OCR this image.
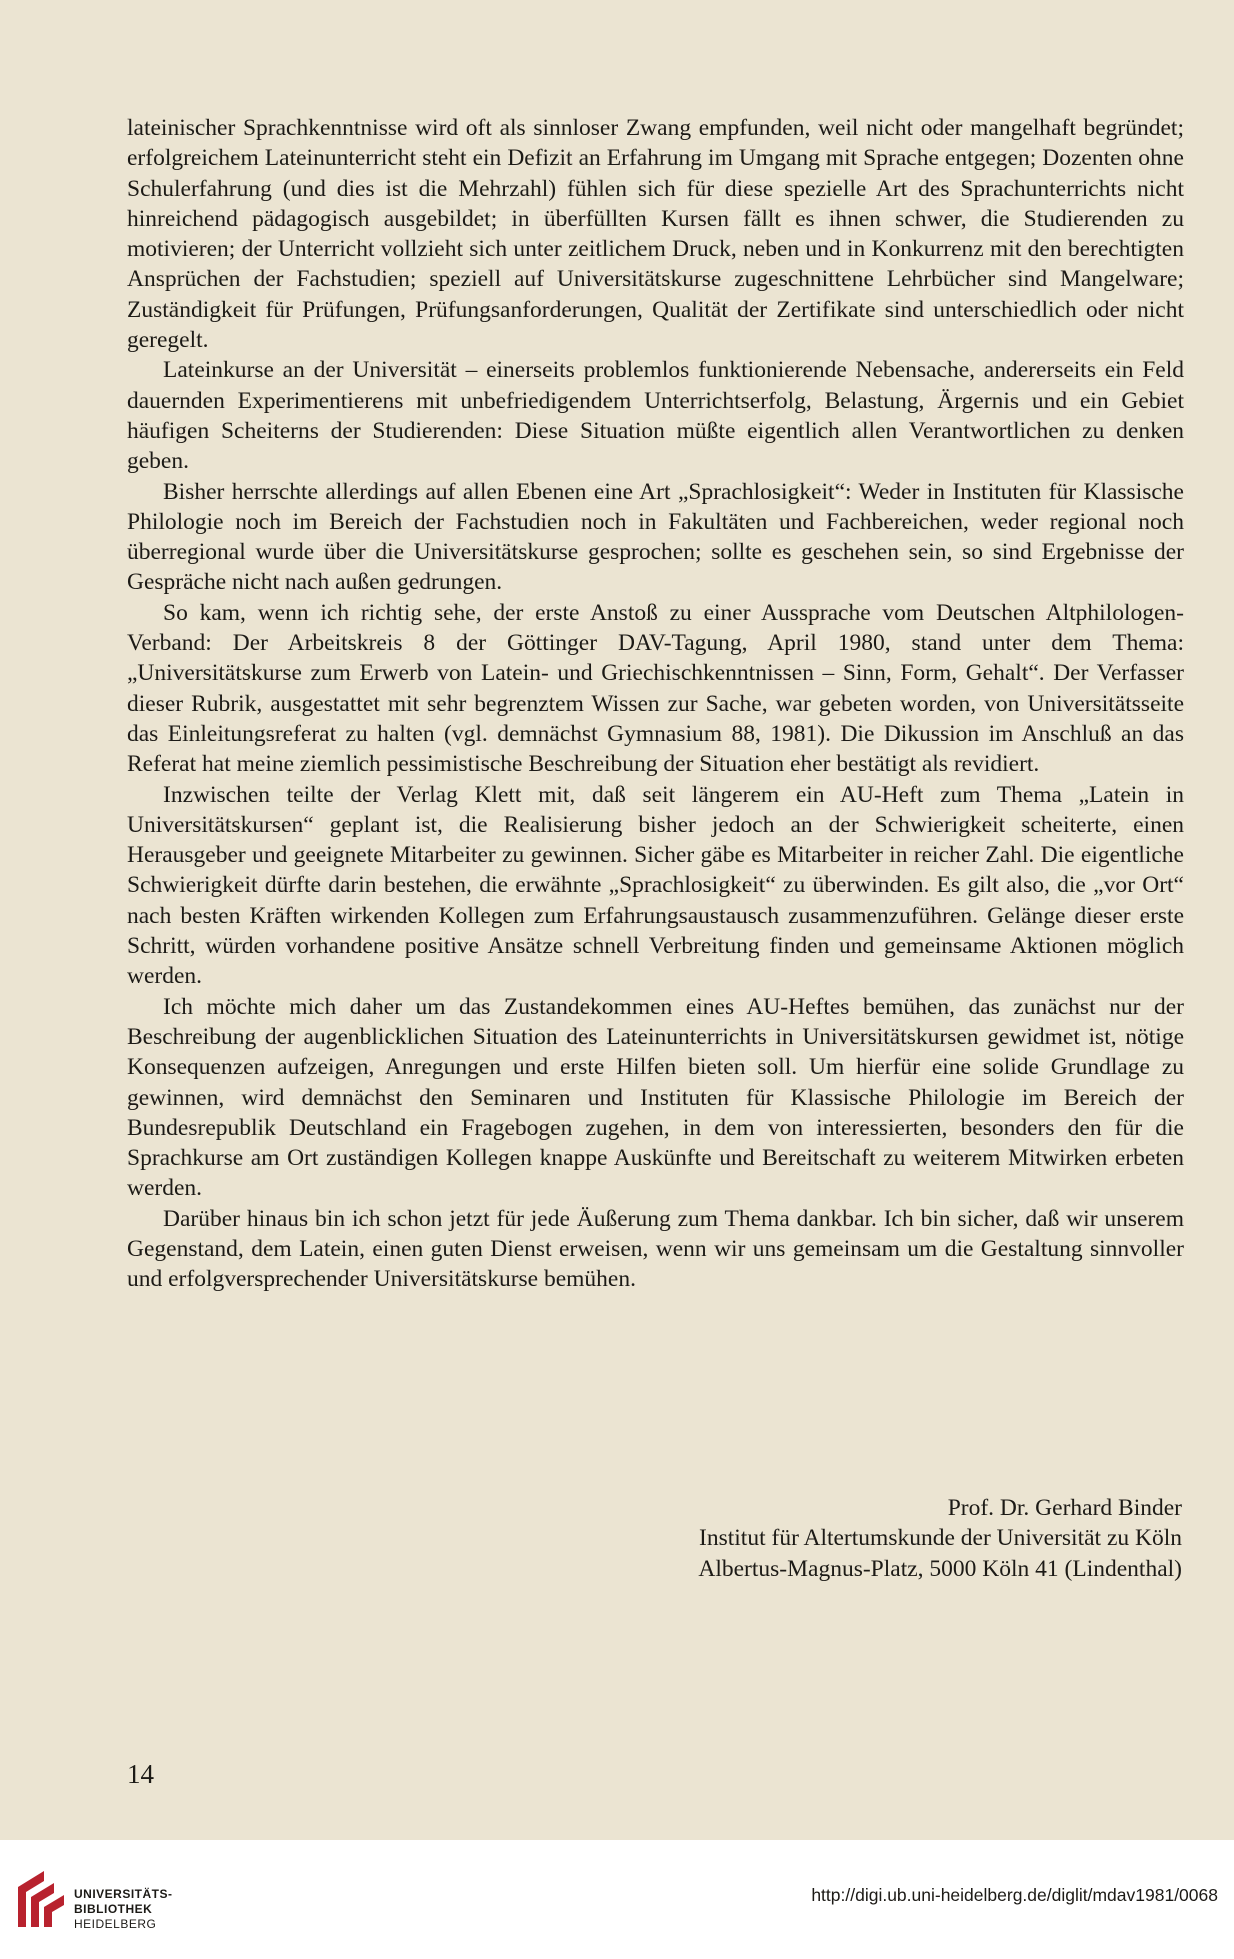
lateinischer Sprachkenntnisse wird oft als sinnloser Zwang empfunden, weil nicht oder mangelhaft begründet; erfolgreichem Lateinunterricht steht ein Defizit an Erfahrung im Umgang mit Sprache entgegen; Dozenten ohne Schulerfahrung (und dies ist die Mehrzahl) fühlen sich für diese spezielle Art des Sprachunterrichts nicht hinreichend pädagogisch ausgebildet; in überfüllten Kursen fällt es ihnen schwer, die Studierenden zu motivieren; der Unterricht vollzieht sich unter zeitlichem Druck, neben und in Konkurrenz mit den berechtigten Ansprüchen der Fachstudien; speziell auf Universitätskurse zugeschnittene Lehrbücher sind Mangelware; Zuständigkeit für Prüfungen, Prüfungsanforderungen, Qualität der Zertifikate sind unterschiedlich oder nicht geregelt.

Lateinkurse an der Universität – einerseits problemlos funktionierende Nebensache, andererseits ein Feld dauernden Experimentierens mit unbefriedigendem Unterrichtserfolg, Belastung, Ärgernis und ein Gebiet häufigen Scheiterns der Studierenden: Diese Situation müßte eigentlich allen Verantwortlichen zu denken geben.

Bisher herrschte allerdings auf allen Ebenen eine Art „Sprachlosigkeit“: Weder in Instituten für Klassische Philologie noch im Bereich der Fachstudien noch in Fakultäten und Fachbereichen, weder regional noch überregional wurde über die Universitätskurse gesprochen; sollte es geschehen sein, so sind Ergebnisse der Gespräche nicht nach außen gedrungen.

So kam, wenn ich richtig sehe, der erste Anstoß zu einer Aussprache vom Deutschen Altphilologen-Verband: Der Arbeitskreis 8 der Göttinger DAV-Tagung, April 1980, stand unter dem Thema: „Universitätskurse zum Erwerb von Latein- und Griechischkenntnissen – Sinn, Form, Gehalt“. Der Verfasser dieser Rubrik, ausgestattet mit sehr begrenztem Wissen zur Sache, war gebeten worden, von Universitätsseite das Einleitungsreferat zu halten (vgl. demnächst Gymnasium 88, 1981). Die Dikussion im Anschluß an das Referat hat meine ziemlich pessimistische Beschreibung der Situation eher bestätigt als revidiert.

Inzwischen teilte der Verlag Klett mit, daß seit längerem ein AU-Heft zum Thema „Latein in Universitätskursen“ geplant ist, die Realisierung bisher jedoch an der Schwierigkeit scheiterte, einen Herausgeber und geeignete Mitarbeiter zu gewinnen. Sicher gäbe es Mitarbeiter in reicher Zahl. Die eigentliche Schwierigkeit dürfte darin bestehen, die erwähnte „Sprachlosigkeit“ zu überwinden. Es gilt also, die „vor Ort“ nach besten Kräften wirkenden Kollegen zum Erfahrungsaustausch zusammenzuführen. Gelänge dieser erste Schritt, würden vorhandene positive Ansätze schnell Verbreitung finden und gemeinsame Aktionen möglich werden.

Ich möchte mich daher um das Zustandekommen eines AU-Heftes bemühen, das zunächst nur der Beschreibung der augenblicklichen Situation des Lateinunterrichts in Universitätskursen gewidmet ist, nötige Konsequenzen aufzeigen, Anregungen und erste Hilfen bieten soll. Um hierfür eine solide Grundlage zu gewinnen, wird demnächst den Seminaren und Instituten für Klassische Philologie im Bereich der Bundesrepublik Deutschland ein Fragebogen zugehen, in dem von interessierten, besonders den für die Sprachkurse am Ort zuständigen Kollegen knappe Auskünfte und Bereitschaft zu weiterem Mitwirken erbeten werden.

Darüber hinaus bin ich schon jetzt für jede Äußerung zum Thema dankbar. Ich bin sicher, daß wir unserem Gegenstand, dem Latein, einen guten Dienst erweisen, wenn wir uns gemeinsam um die Gestaltung sinnvoller und erfolgversprechender Universitätskurse bemühen.

Prof. Dr. Gerhard Binder
Institut für Altertumskunde der Universität zu Köln
Albertus-Magnus-Platz, 5000 Köln 41 (Lindenthal)
14
UNIVERSITÄTS-
BIBLIOTHEK
HEIDELBERG
http://digi.ub.uni-heidelberg.de/diglit/mdav1981/0068
